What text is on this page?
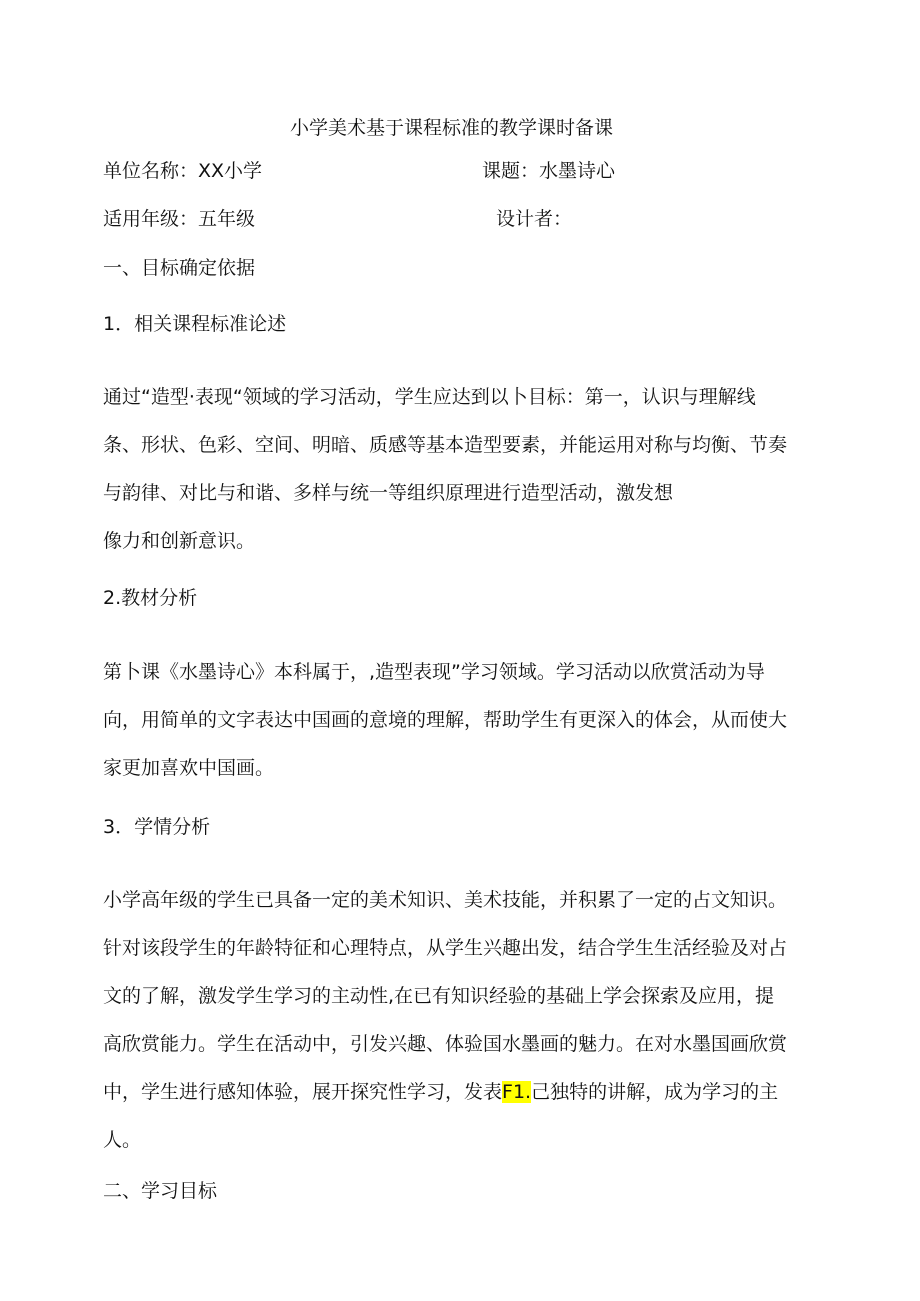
小学美术基于课程标准的教学课时备课
单位名称：XX小学	课题：水墨诗心
适用年级：五年级	设计者：
一、目标确定依据
1．相关课程标准论述
通过“造型·表现“领域的学习活动，学生应达到以卜目标：第一，认识与理解线
条、形状、色彩、空间、明暗、质感等基本造型要素，并能运用对称与均衡、节奏
与韵律、对比与和谐、多样与统一等组织原理进行造型活动，激发想
像力和创新意识。
2.教材分析
第卜课《水墨诗心》本科属于，,造型表现”学习领域。学习活动以欣赏活动为导
向，用简单的文字表达中国画的意境的理解，帮助学生有更深入的体会，从而使大
家更加喜欢中国画。
3．学情分析
小学高年级的学生已具备一定的美术知识、美术技能，并积累了一定的占文知识。
针对该段学生的年龄特征和心理特点，从学生兴趣出发，结合学生生活经验及对占
文的了解，激发学生学习的主动性,在已有知识经验的基础上学会探索及应用，提
高欣赏能力。学生在活动中，引发兴趣、体验国水墨画的魅力。在对水墨国画欣赏
中，学生进行感知体验，展开探究性学习，发表F1.己独特的讲解，成为学习的主
人。
二、学习目标
